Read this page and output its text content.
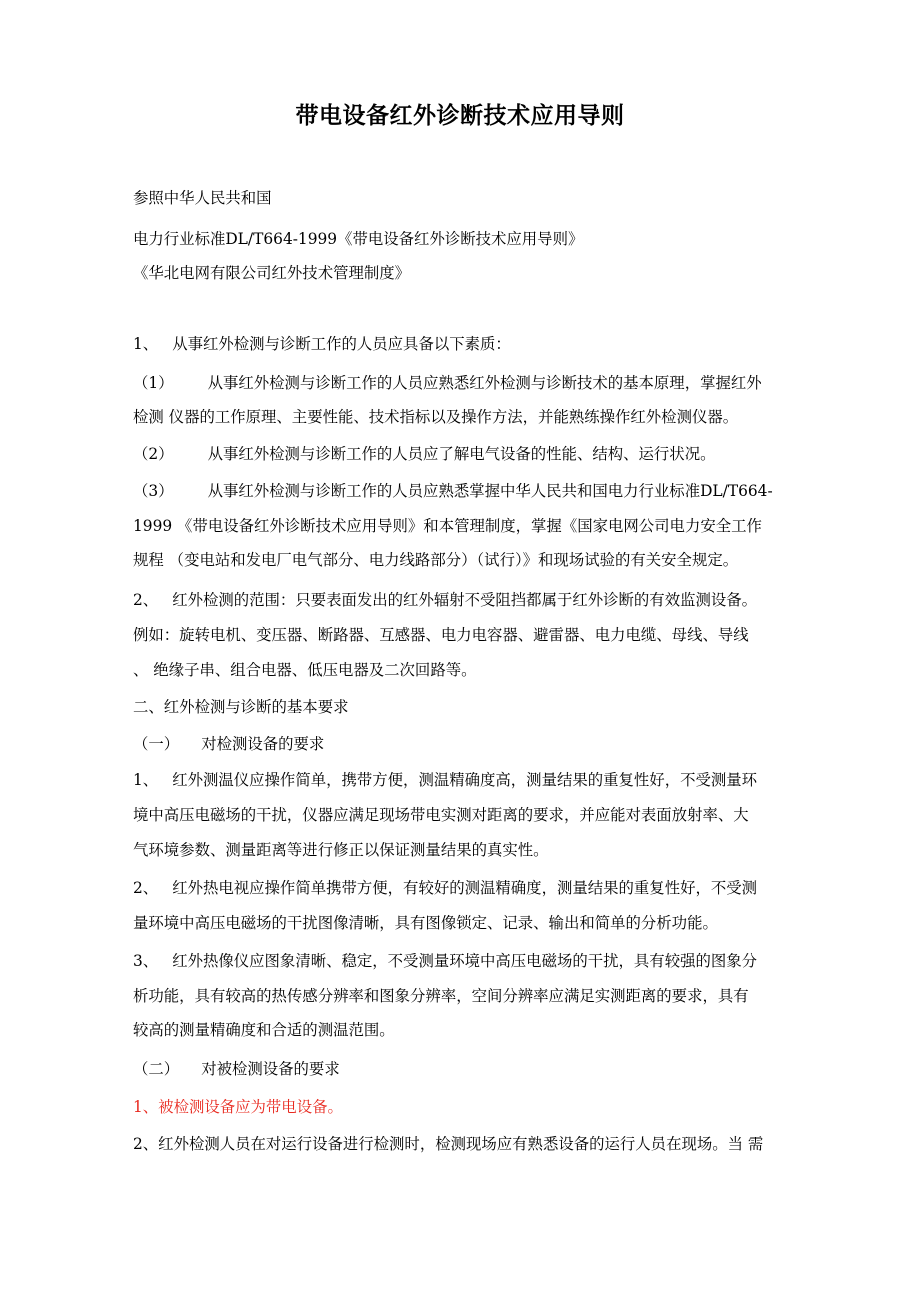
带电设备红外诊断技术应用导则
参照中华人民共和国
电力行业标准DL/T664-1999《带电设备红外诊断技术应用导则》
《华北电网有限公司红外技术管理制度》
1、 从事红外检测与诊断工作的人员应具备以下素质：
（1） 从事红外检测与诊断工作的人员应熟悉红外检测与诊断技术的基本原理，掌握红外
检测 仪器的工作原理、主要性能、技术指标以及操作方法，并能熟练操作红外检测仪器。
（2） 从事红外检测与诊断工作的人员应了解电气设备的性能、结构、运行状况。
（3） 从事红外检测与诊断工作的人员应熟悉掌握中华人民共和国电力行业标准DL/T664-
1999 《带电设备红外诊断技术应用导则》和本管理制度，掌握《国家电网公司电力安全工作
规程 （变电站和发电厂电气部分、电力线路部分）（试行）》和现场试验的有关安全规定。
2、 红外检测的范围：只要表面发出的红外辐射不受阻挡都属于红外诊断的有效监测设备。
例如：旋转电机、变压器、断路器、互感器、电力电容器、避雷器、电力电缆、母线、导线
、 绝缘子串、组合电器、低压电器及二次回路等。
二、红外检测与诊断的基本要求
（一） 对检测设备的要求
1、 红外测温仪应操作简单，携带方便，测温精确度高，测量结果的重复性好，不受测量环
境中高压电磁场的干扰，仪器应满足现场带电实测对距离的要求，并应能对表面放射率、大
气环境参数、测量距离等进行修正以保证测量结果的真实性。
2、 红外热电视应操作简单携带方便，有较好的测温精确度，测量结果的重复性好，不受测
量环境中高压电磁场的干扰图像清晰，具有图像锁定、记录、输出和简单的分析功能。
3、 红外热像仪应图象清晰、稳定，不受测量环境中高压电磁场的干扰，具有较强的图象分
析功能，具有较高的热传感分辨率和图象分辨率，空间分辨率应满足实测距离的要求，具有
较高的测量精确度和合适的测温范围。
（二） 对被检测设备的要求
1、被检测设备应为带电设备。
2、红外检测人员在对运行设备进行检测时，检测现场应有熟悉设备的运行人员在现场。当 需
